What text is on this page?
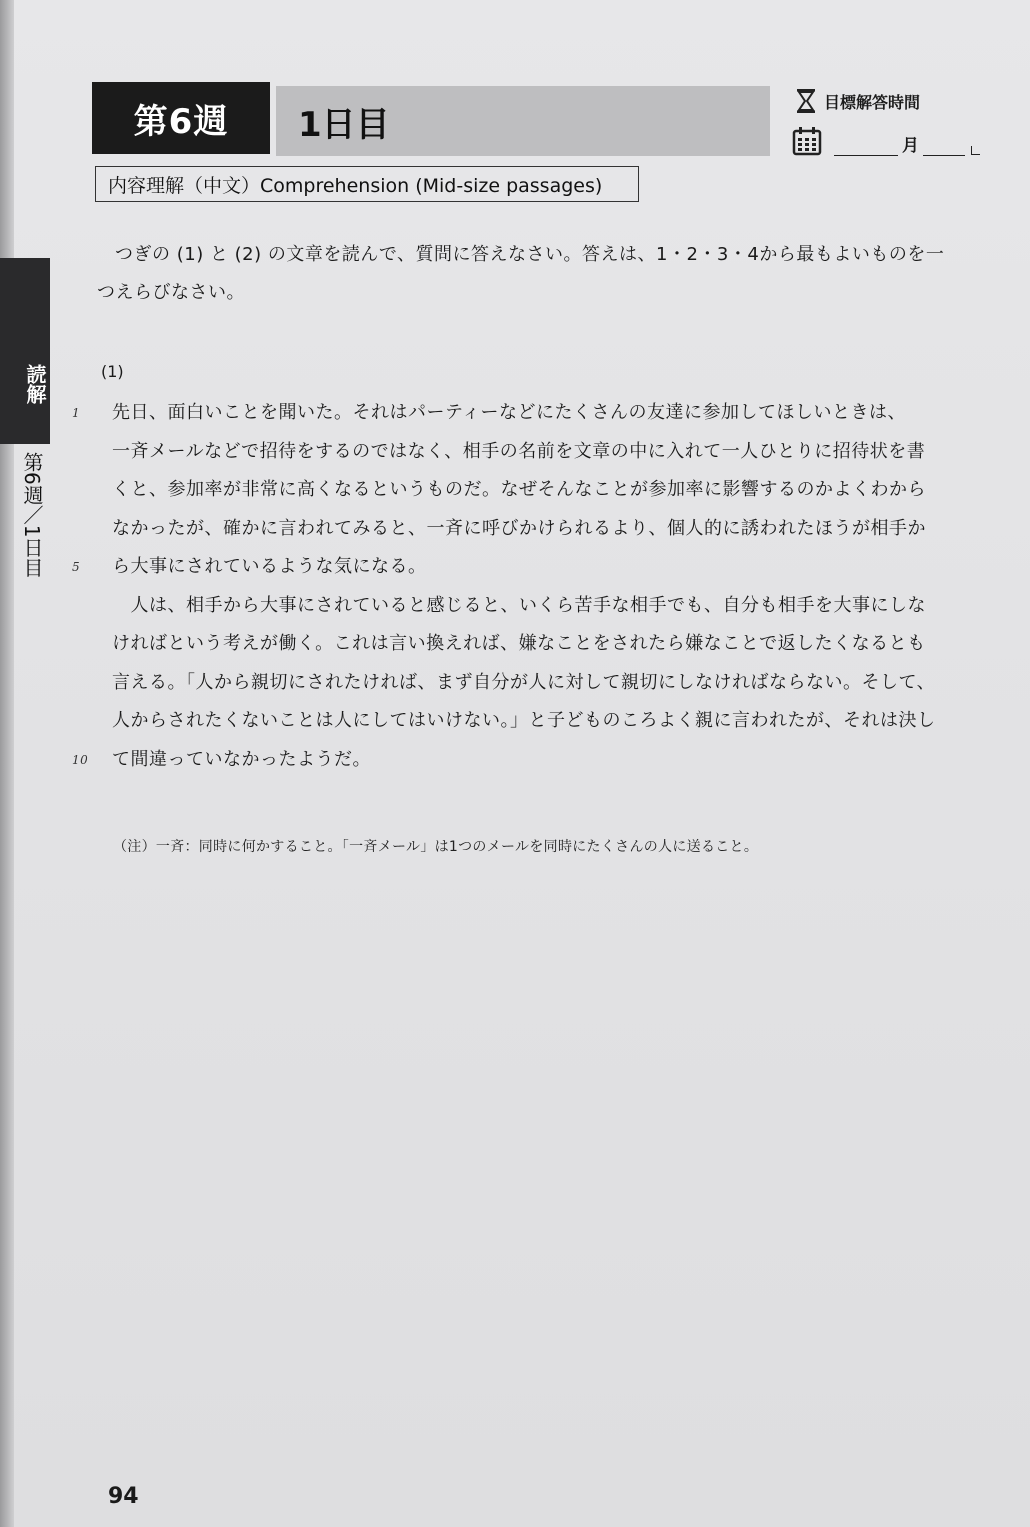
第6週 1日目
目標解答時間
月
内容理解（中文）Comprehension (Mid-size passages)
読解
第6週／1日目

つぎの (1) と (2) の文章を読んで、質問に答えなさい。答えは、1・2・3・4から最もよいものを一

つえらびなさい。

(1)
1 先日、面白いことを聞いた。それはパーティーなどにたくさんの友達に参加してほしいときは、
一斉メールなどで招待をするのではなく、相手の名前を文章の中に入れて一人ひとりに招待状を書
くと、参加率が非常に高くなるというものだ。なぜそんなことが参加率に影響するのかよくわから
なかったが、確かに言われてみると、一斉に呼びかけられるより、個人的に誘われたほうが相手か
5 ら大事にされているような気になる。
　人は、相手から大事にされていると感じると、いくら苦手な相手でも、自分も相手を大事にしな
ければという考えが働く。これは言い換えれば、嫌なことをされたら嫌なことで返したくなるとも
言える。「人から親切にされたければ、まず自分が人に対して親切にしなければならない。そして、
人からされたくないことは人にしてはいけない。」と子どものころよく親に言われたが、それは決し
10 て間違っていなかったようだ。
（注）一斉：同時に何かすること。「一斉メール」は1つのメールを同時にたくさんの人に送ること。
94
